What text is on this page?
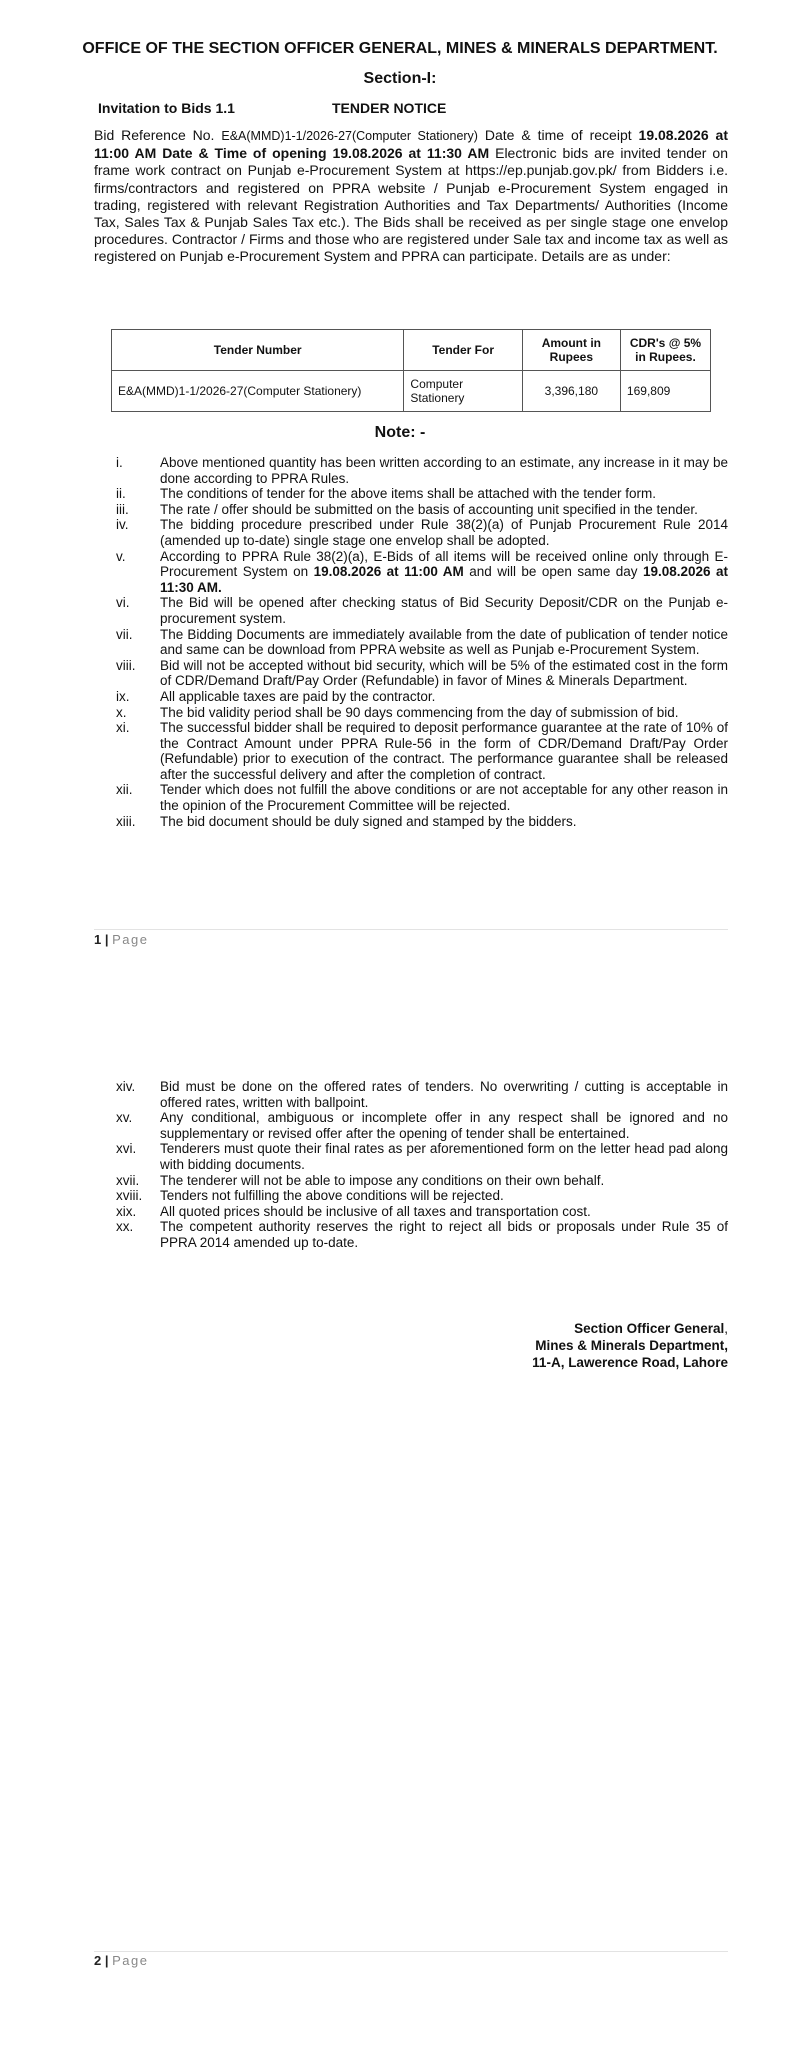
OFFICE OF THE SECTION OFFICER GENERAL, MINES & MINERALS DEPARTMENT.
Section-I:
Invitation to Bids 1.1	TENDER NOTICE
Bid Reference No. E&A(MMD)1-1/2026-27(Computer Stationery) Date & time of receipt 19.08.2026 at 11:00 AM Date & Time of opening 19.08.2026 at 11:30 AM Electronic bids are invited tender on frame work contract on Punjab e-Procurement System at https://ep.punjab.gov.pk/ from Bidders i.e. firms/contractors and registered on PPRA website / Punjab e-Procurement System engaged in trading, registered with relevant Registration Authorities and Tax Departments/ Authorities (Income Tax, Sales Tax & Punjab Sales Tax etc.). The Bids shall be received as per single stage one envelop procedures. Contractor / Firms and those who are registered under Sale tax and income tax as well as registered on Punjab e-Procurement System and PPRA can participate. Details are as under:
Tender Number	Tender For	Amount in Rupees	CDR's @ 5% in Rupees.
E&A(MMD)1-1/2026-27(Computer Stationery)	Computer Stationery	3,396,180	169,809
Note: -
i.	Above mentioned quantity has been written according to an estimate, any increase in it may be done according to PPRA Rules.
ii.	The conditions of tender for the above items shall be attached with the tender form.
iii. The rate / offer should be submitted on the basis of accounting unit specified in the tender.
iv. The bidding procedure prescribed under Rule 38(2)(a) of Punjab Procurement Rule 2014 (amended up to-date) single stage one envelop shall be adopted.
v.	According to PPRA Rule 38(2)(a), E-Bids of all items will be received online only through E-Procurement System on 19.08.2026 at 11:00 AM and will be open same day 19.08.2026 at 11:30 AM.
vi. The Bid will be opened after checking status of Bid Security Deposit/CDR on the Punjab e-procurement system.
vii. The Bidding Documents are immediately available from the date of publication of tender notice and same can be download from PPRA website as well as Punjab e-Procurement System.
viii. Bid will not be accepted without bid security, which will be 5% of the estimated cost in the form of CDR/Demand Draft/Pay Order (Refundable) in favor of Mines & Minerals Department.
ix. All applicable taxes are paid by the contractor.
x. The bid validity period shall be 90 days commencing from the day of submission of bid.
xi. The successful bidder shall be required to deposit performance guarantee at the rate of 10% of the Contract Amount under PPRA Rule-56 in the form of CDR/Demand Draft/Pay Order (Refundable) prior to execution of the contract. The performance guarantee shall be released after the successful delivery and after the completion of contract.
xii. Tender which does not fulfill the above conditions or are not acceptable for any other reason in the opinion of the Procurement Committee will be rejected.
xiii. The bid document should be duly signed and stamped by the bidders.
1 | Page
xiv. Bid must be done on the offered rates of tenders. No overwriting / cutting is acceptable in offered rates, written with ballpoint.
xv. Any conditional, ambiguous or incomplete offer in any respect shall be ignored and no supplementary or revised offer after the opening of tender shall be entertained.
xvi. Tenderers must quote their final rates as per aforementioned form on the letter head pad along with bidding documents.
xvii. The tenderer will not be able to impose any conditions on their own behalf.
xviii. Tenders not fulfilling the above conditions will be rejected.
xix. All quoted prices should be inclusive of all taxes and transportation cost.
xx. The competent authority reserves the right to reject all bids or proposals under Rule 35 of PPRA 2014 amended up to-date.
Section Officer General,
Mines & Minerals Department,
11-A, Lawerence Road, Lahore
2 | Page
